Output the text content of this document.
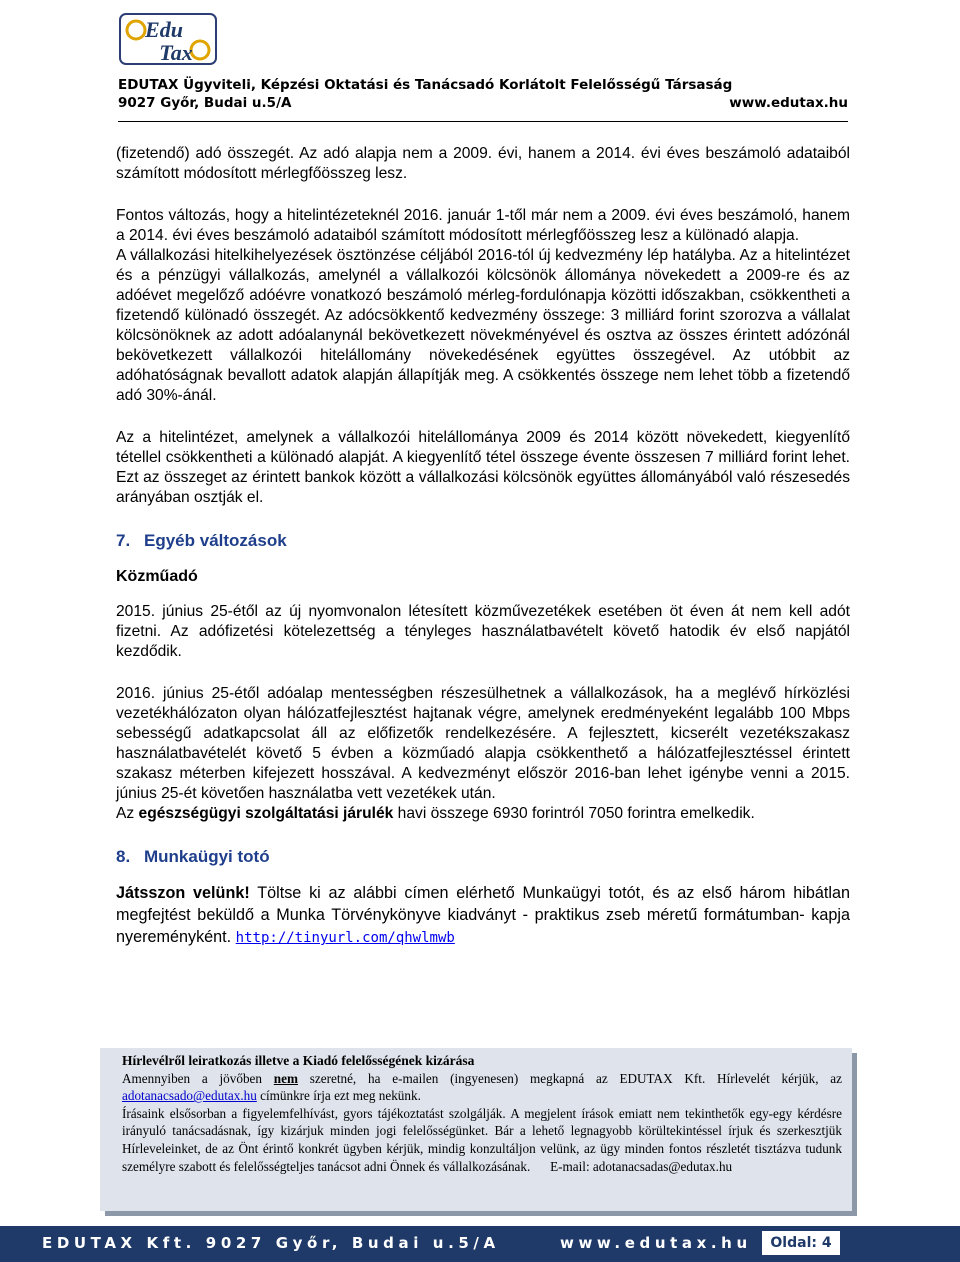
Edu
Tax
EDUTAX Ügyviteli, Képzési Oktatási és Tanácsadó Korlátolt Felelősségű Társaság
9027 Győr, Budai u.5/A	www.edutax.hu

(fizetendő) adó összegét. Az adó alapja nem a 2009. évi, hanem a 2014. évi éves beszámoló adataiból számított módosított mérlegfőösszeg lesz.

Fontos változás, hogy a hitelintézeteknél 2016. január 1-től már nem a 2009. évi éves beszámoló, hanem a 2014. évi éves beszámoló adataiból számított módosított mérlegfőösszeg lesz a különadó alapja.

A vállalkozási hitelkihelyezések ösztönzése céljából 2016-tól új kedvezmény lép hatályba. Az a hitelintézet és a pénzügyi vállalkozás, amelynél a vállalkozói kölcsönök állománya növekedett a 2009-re és az adóévet megelőző adóévre vonatkozó beszámoló mérleg-fordulónapja közötti időszakban, csökkentheti a fizetendő különadó összegét. Az adócsökkentő kedvezmény összege: 3 milliárd forint szorozva a vállalat kölcsönöknek az adott adóalanynál bekövetkezett növekményével és osztva az összes érintett adózónál bekövetkezett vállalkozói hitelállomány növekedésének együttes összegével. Az utóbbit az adóhatóságnak bevallott adatok alapján állapítják meg. A csökkentés összege nem lehet több a fizetendő adó 30%-ánál.

Az a hitelintézet, amelynek a vállalkozói hitelállománya 2009 és 2014 között növekedett, kiegyenlítő tétellel csökkentheti a különadó alapját. A kiegyenlítő tétel összege évente összesen 7 milliárd forint lehet. Ezt az összeget az érintett bankok között a vállalkozási kölcsönök együttes állományából való részesedés arányában osztják el.

7. Egyéb változások

Közműadó

2015. június 25-étől az új nyomvonalon létesített közművezetékek esetében öt éven át nem kell adót fizetni. Az adófizetési kötelezettség a tényleges használatbavételt követő hatodik év első napjától kezdődik.

2016. június 25-étől adóalap mentességben részesülhetnek a vállalkozások, ha a meglévő hírközlési vezetékhálózaton olyan hálózatfejlesztést hajtanak végre, amelynek eredményeként legalább 100 Mbps sebességű adatkapcsolat áll az előfizetők rendelkezésére. A fejlesztett, kicserélt vezetékszakasz használatbavételét követő 5 évben a közműadó alapja csökkenthető a hálózatfejlesztéssel érintett szakasz méterben kifejezett hosszával. A kedvezményt először 2016-ban lehet igénybe venni a 2015. június 25-ét követően használatba vett vezetékek után.

Az egészségügyi szolgáltatási járulék havi összege 6930 forintról 7050 forintra emelkedik.

8. Munkaügyi totó

Játsszon velünk! Töltse ki az alábbi címen elérhető Munkaügyi totót, és az első három hibátlan megfejtést beküldő a Munka Törvénykönyve kiadványt - praktikus zseb méretű formátumban- kapja nyereményként. http://tinyurl.com/qhwlmwb

Hírlevélről leiratkozás illetve a Kiadó felelősségének kizárása

Amennyiben a jövőben nem szeretné, ha e-mailen (ingyenesen) megkapná az EDUTAX Kft. Hírlevelét kérjük, az adotanacsado@edutax.hu címünkre írja ezt meg nekünk.

Írásaink elsősorban a figyelemfelhívást, gyors tájékoztatást szolgálják. A megjelent írások emiatt nem tekinthetők egy-egy kérdésre irányuló tanácsadásnak, így kizárjuk minden jogi felelősségünket. Bár a lehető legnagyobb körültekintéssel írjuk és szerkesztjük Hírleveleinket, de az Önt érintő konkrét ügyben kérjük, mindig konzultáljon velünk, az ügy minden fontos részletét tisztázva tudunk személyre szabott és felelősségteljes tanácsot adni Önnek és vállalkozásának. E-mail: adotanacsadas@edutax.hu

EDUTAX Kft. 9027 Győr, Budai u.5/A	www.edutax.hu	Oldal: 4
